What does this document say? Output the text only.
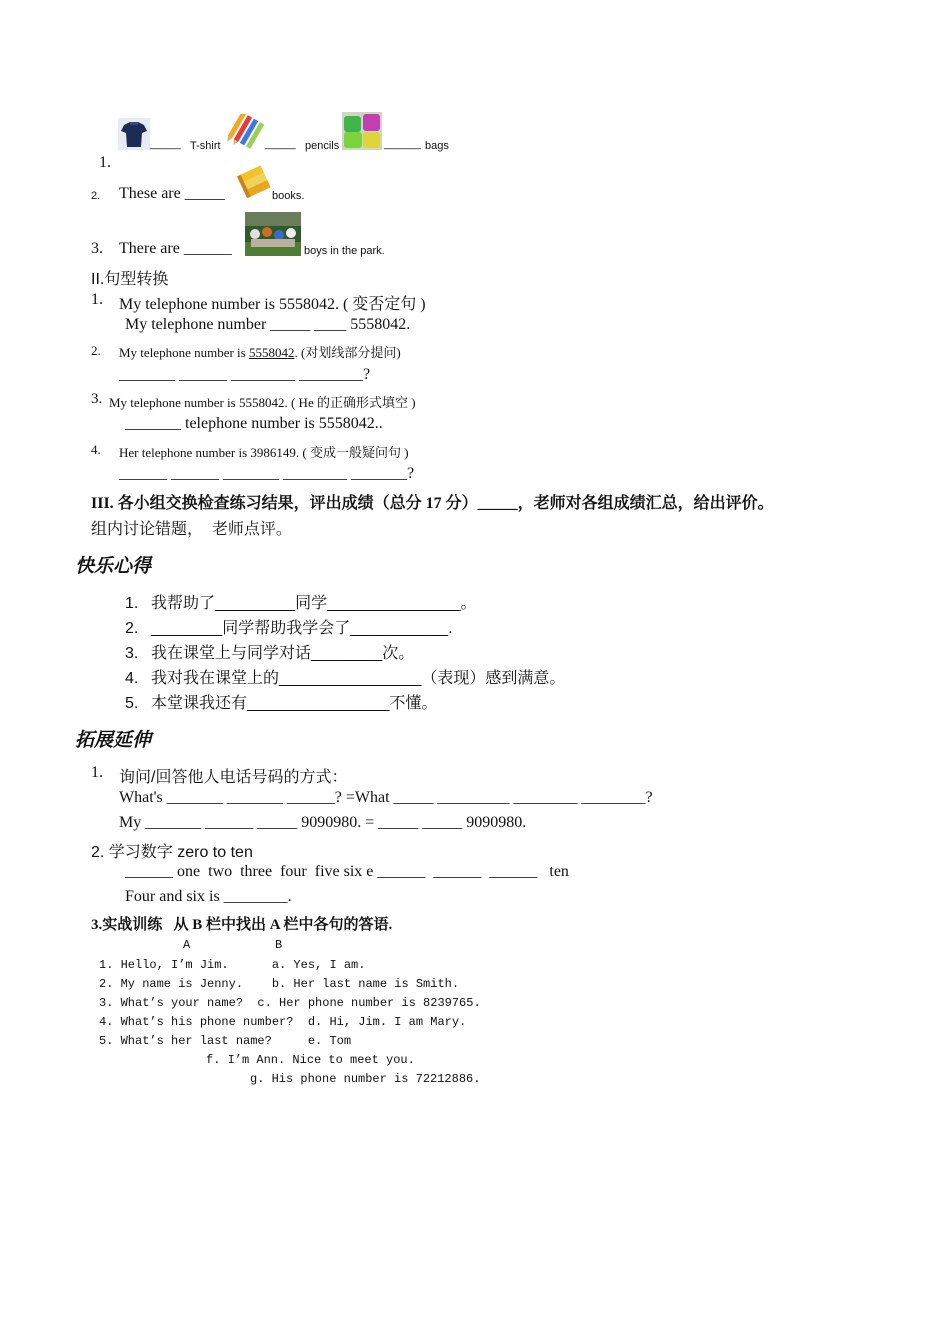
1.

_____ T-shirt	_____ pencils	______ bags
2. These are _____	books.
3. There are ______	boys in the park.
II.句型转换
1. My telephone number is 5558042. ( 变否定句 )
My telephone number _____ ____ 5558042.
2. My telephone number is 5558042. (对划线部分提问)
_______ ______ ________ ________?
3. My telephone number is 5558042. ( He 的正确形式填空 )
_______ telephone number is 5558042..
4. Her telephone number is 3986149. ( 变成一般疑问句 )
______ ______ _______ ________ _______?
III. 各小组交换检查练习结果，评出成绩（总分 17 分）_____，老师对各组成绩汇总，给出评价。
组内讨论错题，  老师点评。
快乐心得
1. 我帮助了_________同学_______________。
2. ________同学帮助我学会了___________.
3. 我在课堂上与同学对话________次。
4. 我对我在课堂上的________________（表现）感到满意。
5. 本堂课我还有________________不懂。
拓展延伸
1. 询问/回答他人电话号码的方式：
What's _______ _______ ______? =What _____ _________ ________ ________?
My _______ ______ _____ 9090980. = _____ _____ 9090980.
2. 学习数字 zero to ten
______ one  two  three  four  five six e ______  ______  ______   ten
Four and six is ________.
3.实战训练   从 B 栏中找出 A 栏中各句的答语.
A	B
1. Hello, I’m Jim.      a. Yes, I am.
2. My name is Jenny.    b. Her last name is Smith.
3. What’s your name?  c. Her phone number is 8239765.
4. What’s his phone number?  d. Hi, Jim. I am Mary.
5. What’s her last name?     e. Tom
f. I’m Ann. Nice to meet you.
g. His phone number is 72212886.
